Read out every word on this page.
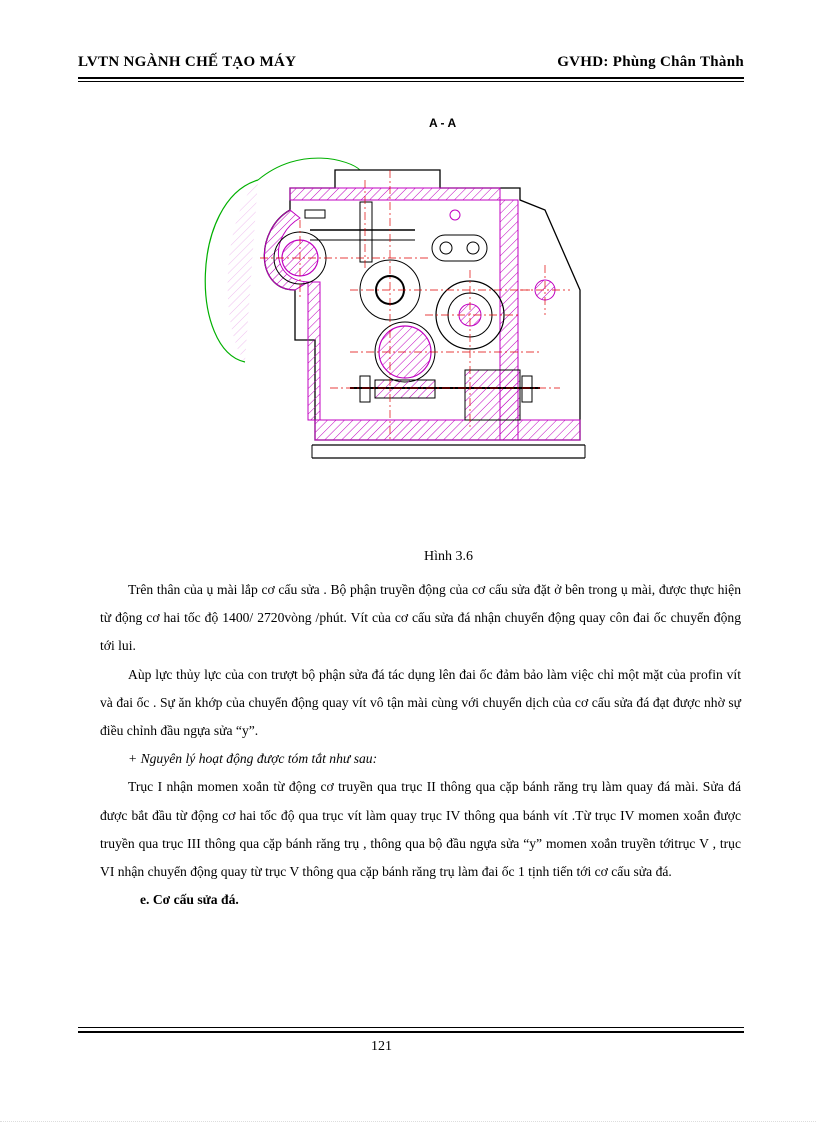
LVTN NGÀNH CHẾ TẠO MÁY	GVHD: Phùng Chân Thành
A - A
Hình 3.6

Trên thân của ụ mài lắp cơ cấu sửa . Bộ phận truyền động của cơ cấu sửa đặt ở bên trong ụ mài, được thực hiện từ động cơ hai tốc độ 1400/ 2720vòng /phút. Vít của cơ cấu sửa đá nhận chuyển động quay côn đai ốc chuyển động tới lui.

Aùp lực thủy lực của con trượt bộ phận sửa đá tác dụng lên đai ốc đảm bảo làm việc chỉ một mặt của profin vít và đai ốc . Sự ăn khớp của chuyển động quay vít vô tận mài cùng với chuyển dịch của cơ cấu sửa đá đạt được nhờ sự điều chỉnh đầu ngựa sửa “y”.

+ Nguyên lý hoạt động được tóm tắt như sau:

Trục I nhận momen xoắn từ động cơ truyền qua trục II thông qua cặp bánh răng trụ làm quay đá mài. Sửa đá được bắt đầu từ động cơ hai tốc độ qua trục vít làm quay trục IV thông qua bánh vít .Từ trục IV momen xoắn được truyền qua trục III thông qua cặp bánh răng trụ , thông qua bộ đầu ngựa sửa “y” momen xoắn truyền tớitrục V , trục VI nhận chuyển động quay từ trục V thông qua cặp bánh răng trụ làm đai ốc 1 tịnh tiến tới cơ cấu sửa đá.

e. Cơ cấu sửa đá.

121
